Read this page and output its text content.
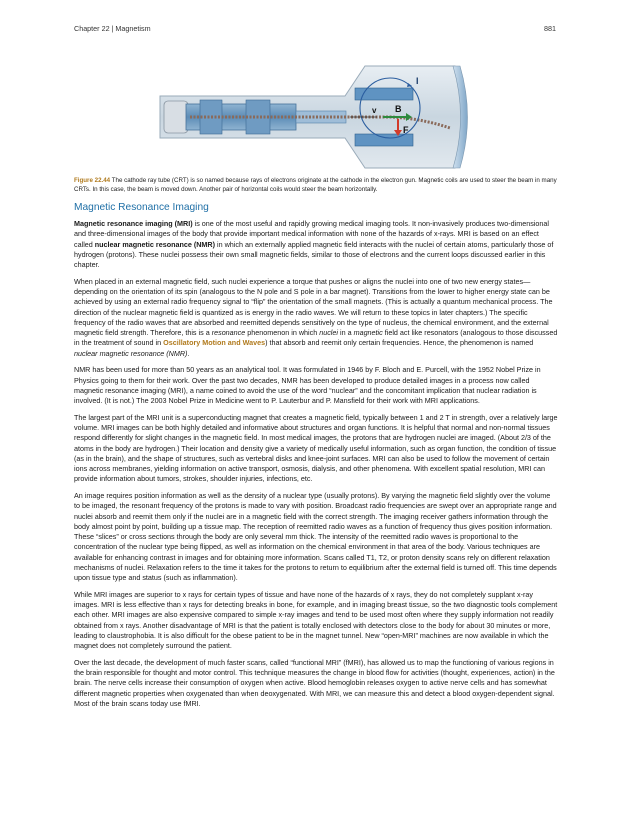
Chapter 22 | Magnetism	881
I
v B
F
Figure 22.44 The cathode ray tube (CRT) is so named because rays of electrons originate at the cathode in the electron gun. Magnetic coils are used to steer the beam in many CRTs. In this case, the beam is moved down. Another pair of horizontal coils would steer the beam horizontally.
Magnetic Resonance Imaging

Magnetic resonance imaging (MRI) is one of the most useful and rapidly growing medical imaging tools. It non-invasively produces two-dimensional and three-dimensional images of the body that provide important medical information with none of the hazards of x-rays. MRI is based on an effect called nuclear magnetic resonance (NMR) in which an externally applied magnetic field interacts with the nuclei of certain atoms, particularly those of hydrogen (protons). These nuclei possess their own small magnetic fields, similar to those of electrons and the current loops discussed earlier in this chapter.

When placed in an external magnetic field, such nuclei experience a torque that pushes or aligns the nuclei into one of two new energy states—depending on the orientation of its spin (analogous to the N pole and S pole in a bar magnet). Transitions from the lower to higher energy state can be achieved by using an external radio frequency signal to “flip” the orientation of the small magnets. (This is actually a quantum mechanical process. The direction of the nuclear magnetic field is quantized as is energy in the radio waves. We will return to these topics in later chapters.) The specific frequency of the radio waves that are absorbed and reemitted depends sensitively on the type of nucleus, the chemical environment, and the external magnetic field strength. Therefore, this is a resonance phenomenon in which nuclei in a magnetic field act like resonators (analogous to those discussed in the treatment of sound in Oscillatory Motion and Waves) that absorb and reemit only certain frequencies. Hence, the phenomenon is named nuclear magnetic resonance (NMR).

NMR has been used for more than 50 years as an analytical tool. It was formulated in 1946 by F. Bloch and E. Purcell, with the 1952 Nobel Prize in Physics going to them for their work. Over the past two decades, NMR has been developed to produce detailed images in a process now called magnetic resonance imaging (MRI), a name coined to avoid the use of the word “nuclear” and the concomitant implication that nuclear radiation is involved. (It is not.) The 2003 Nobel Prize in Medicine went to P. Lauterbur and P. Mansfield for their work with MRI applications.

The largest part of the MRI unit is a superconducting magnet that creates a magnetic field, typically between 1 and 2 T in strength, over a relatively large volume. MRI images can be both highly detailed and informative about structures and organ functions. It is helpful that normal and non-normal tissues respond differently for slight changes in the magnetic field. In most medical images, the protons that are hydrogen nuclei are imaged. (About 2/3 of the atoms in the body are hydrogen.) Their location and density give a variety of medically useful information, such as organ function, the condition of tissue (as in the brain), and the shape of structures, such as vertebral disks and knee-joint surfaces. MRI can also be used to follow the movement of certain ions across membranes, yielding information on active transport, osmosis, dialysis, and other phenomena. With excellent spatial resolution, MRI can provide information about tumors, strokes, shoulder injuries, infections, etc.

An image requires position information as well as the density of a nuclear type (usually protons). By varying the magnetic field slightly over the volume to be imaged, the resonant frequency of the protons is made to vary with position. Broadcast radio frequencies are swept over an appropriate range and nuclei absorb and reemit them only if the nuclei are in a magnetic field with the correct strength. The imaging receiver gathers information through the body almost point by point, building up a tissue map. The reception of reemitted radio waves as a function of frequency thus gives position information. These “slices” or cross sections through the body are only several mm thick. The intensity of the reemitted radio waves is proportional to the concentration of the nuclear type being flipped, as well as information on the chemical environment in that area of the body. Various techniques are available for enhancing contrast in images and for obtaining more information. Scans called T1, T2, or proton density scans rely on different relaxation mechanisms of nuclei. Relaxation refers to the time it takes for the protons to return to equilibrium after the external field is turned off. This time depends upon tissue type and status (such as inflammation).

While MRI images are superior to x rays for certain types of tissue and have none of the hazards of x rays, they do not completely supplant x-ray images. MRI is less effective than x rays for detecting breaks in bone, for example, and in imaging breast tissue, so the two diagnostic tools complement each other. MRI images are also expensive compared to simple x-ray images and tend to be used most often where they supply information not readily obtained from x rays. Another disadvantage of MRI is that the patient is totally enclosed with detectors close to the body for about 30 minutes or more, leading to claustrophobia. It is also difficult for the obese patient to be in the magnet tunnel. New “open-MRI” machines are now available in which the magnet does not completely surround the patient.

Over the last decade, the development of much faster scans, called “functional MRI” (fMRI), has allowed us to map the functioning of various regions in the brain responsible for thought and motor control. This technique measures the change in blood flow for activities (thought, experiences, action) in the brain. The nerve cells increase their consumption of oxygen when active. Blood hemoglobin releases oxygen to active nerve cells and has somewhat different magnetic properties when oxygenated than when deoxygenated. With MRI, we can measure this and detect a blood oxygen-dependent signal. Most of the brain scans today use fMRI.
